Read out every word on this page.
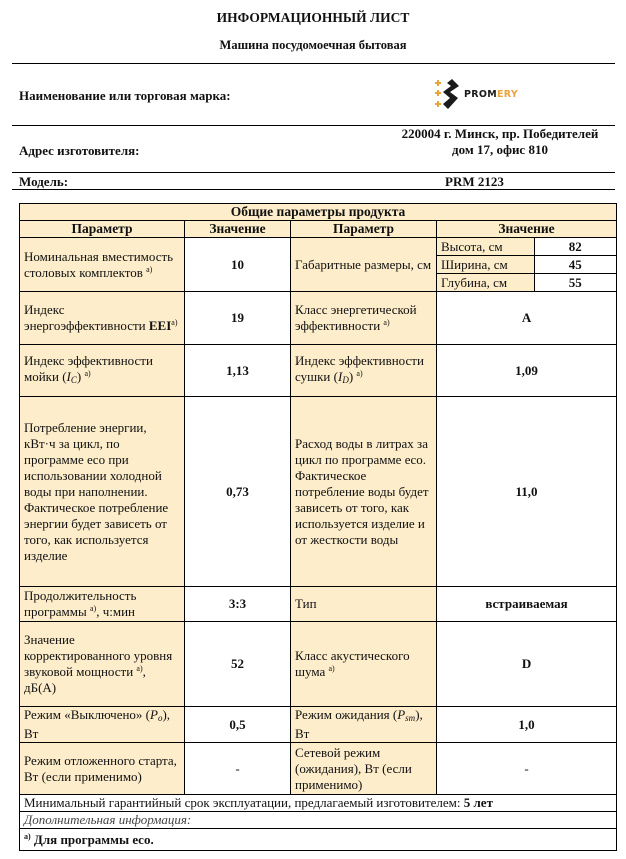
ИНФОРМАЦИОННЫЙ ЛИСТ
Машина посудомоечная бытовая
Наименование или торговая марка:	PROMERY
220004 г. Минск, пр. Победителей
дом 17, офис 810
Адрес изготовителя:
Модель:	PRM 2123
Общие параметры продукта
Параметр	Значение	Параметр	Значение
Номинальная вместимость столовых комплектов $^{а)}$	10	Габаритные размеры, см	
Высота, см	82
Ширина, см	45
Глубина, см	55

Индекс энергоэффективности $EEI^{а)}$	19	Класс энергетической эффективности $^{а)}$	A
Индекс эффективности мойки (IC) $^{а)}$	1,13	Индекс эффективности сушки (ID) $^{а)}$	1,09
Потребление энергии, кВт·ч за цикл, по программе eco при использовании холодной воды при наполнении. Фактическое потребление энергии будет зависеть от того, как используется изделие	0,73	Расход воды в литрах за цикл по программе eco. Фактическое потребление воды будет зависеть от того, как используется изделие и от жесткости воды	11,0
Продолжительность программы $^{а)}$, ч:мин	3:3	Тип	встраиваемая
Значение корректированного уровня звуковой мощности $^{а)}$, дБ(А)	52	Класс акустического шума $^{а)}$	D
Режим «Выключено» (Po), Вт	0,5	Режим ожидания (Psm), Вт	1,0
Режим отложенного старта, Вт (если применимо)	-	Сетевой режим (ожидания), Вт (если применимо)	-
Минимальный гарантийный срок эксплуатации, предлагаемый изготовителем: 5 лет
Дополнительная информация:
$^{а)}$ Для программы eco.
